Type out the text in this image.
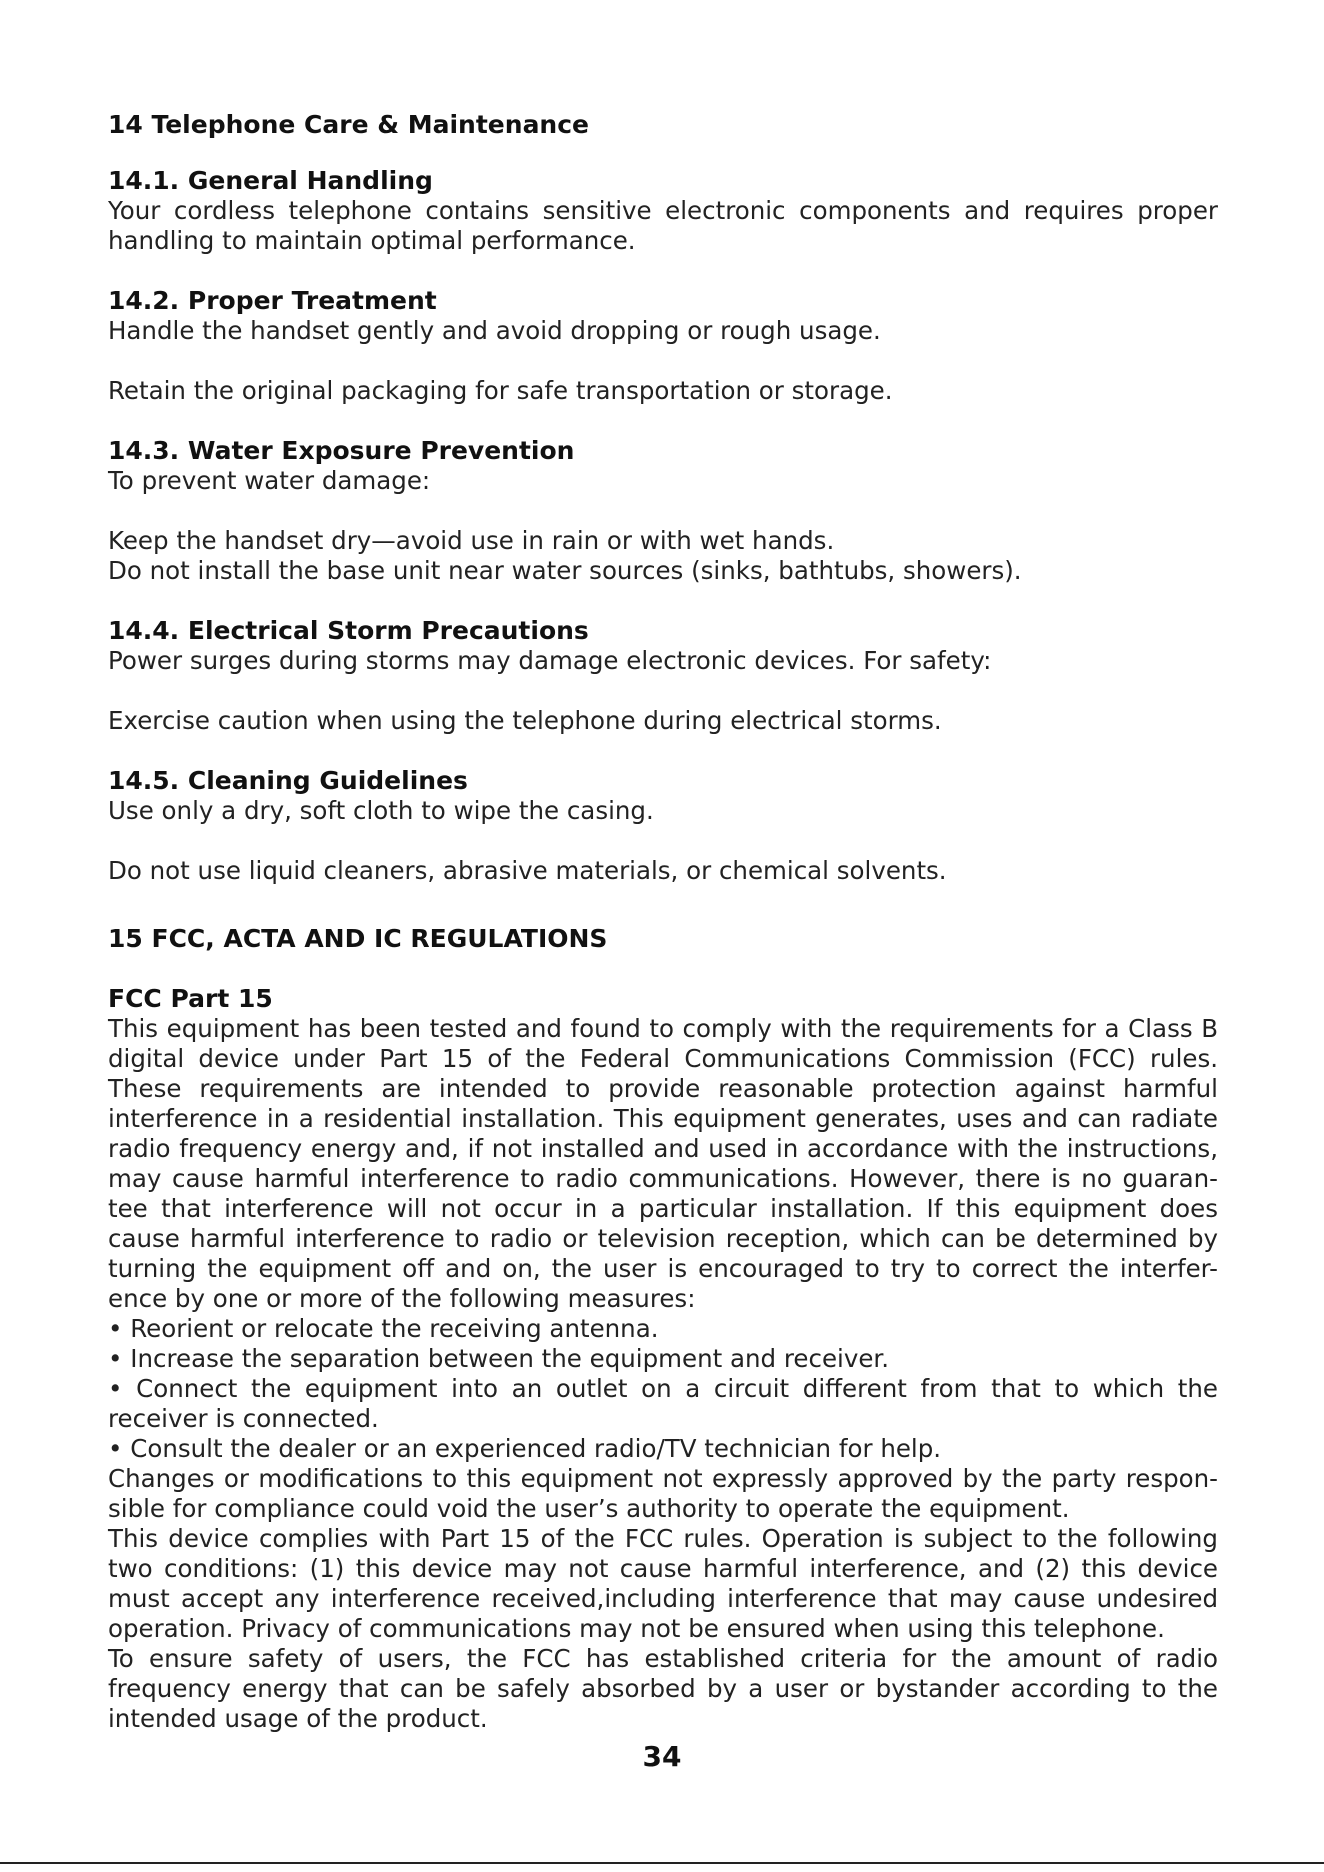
14 Telephone Care & Maintenance

14.1. General Handling

Your cordless telephone contains sensitive electronic components and requires proper

handling to maintain optimal performance.

14.2. Proper Treatment

Handle the handset gently and avoid dropping or rough usage.

Retain the original packaging for safe transportation or storage.

14.3. Water Exposure Prevention

To prevent water damage:

Keep the handset dry—avoid use in rain or with wet hands.

Do not install the base unit near water sources (sinks, bathtubs, showers).

14.4. Electrical Storm Precautions

Power surges during storms may damage electronic devices. For safety:

Exercise caution when using the telephone during electrical storms.

14.5. Cleaning Guidelines

Use only a dry, soft cloth to wipe the casing.

Do not use liquid cleaners, abrasive materials, or chemical solvents.

15 FCC, ACTA AND IC REGULATIONS

FCC Part 15

This equipment has been tested and found to comply with the requirements for a Class B digital device under Part 15 of the Federal Communications Commission (FCC) rules. These requirements are intended to provide reasonable protection against harmful interference in a residential installation. This equipment generates, uses and can radiate radio frequency energy and, if not installed and used in accordance with the instructions, may cause harmful interference to radio communications. However, there is no guaran-tee that interference will not occur in a particular installation. If this equipment does cause harmful interference to radio or television reception, which can be determined by turning the equipment off and on, the user is encouraged to try to correct the interfer-ence by one or more of the following measures:

• Reorient or relocate the receiving antenna.

• Increase the separation between the equipment and receiver.

• Connect the equipment into an outlet on a circuit different from that to which the receiver is connected.

• Consult the dealer or an experienced radio/TV technician for help.

Changes or modifications to this equipment not expressly approved by the party respon-sible for compliance could void the user’s authority to operate the equipment.

This device complies with Part 15 of the FCC rules. Operation is subject to the following two conditions: (1) this device may not cause harmful interference, and (2) this device must accept any interference received,including interference that may cause undesired operation. Privacy of communications may not be ensured when using this telephone.

To ensure safety of users, the FCC has established criteria for the amount of radio frequency energy that can be safely absorbed by a user or bystander according to the intended usage of the product.

34
